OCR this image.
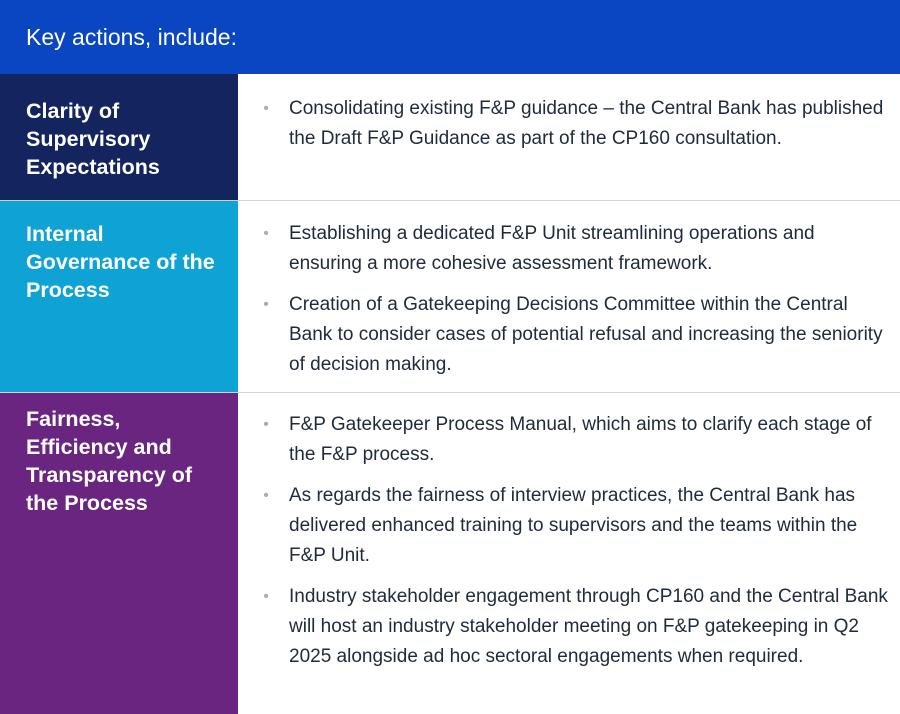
Key actions, include:
Clarity of Supervisory Expectations
• Consolidating existing F&P guidance – the Central Bank has published the Draft F&P Guidance as part of the CP160 consultation.
Internal Governance of the Process
• Establishing a dedicated F&P Unit streamlining operations and ensuring a more cohesive assessment framework.
• Creation of a Gatekeeping Decisions Committee within the Central Bank to consider cases of potential refusal and increasing the seniority of decision making.
Fairness, Efficiency and Transparency of the Process
• F&P Gatekeeper Process Manual, which aims to clarify each stage of the F&P process.
• As regards the fairness of interview practices, the Central Bank has delivered enhanced training to supervisors and the teams within the F&P Unit.
• Industry stakeholder engagement through CP160 and the Central Bank will host an industry stakeholder meeting on F&P gatekeeping in Q2 2025 alongside ad hoc sectoral engagements when required.
